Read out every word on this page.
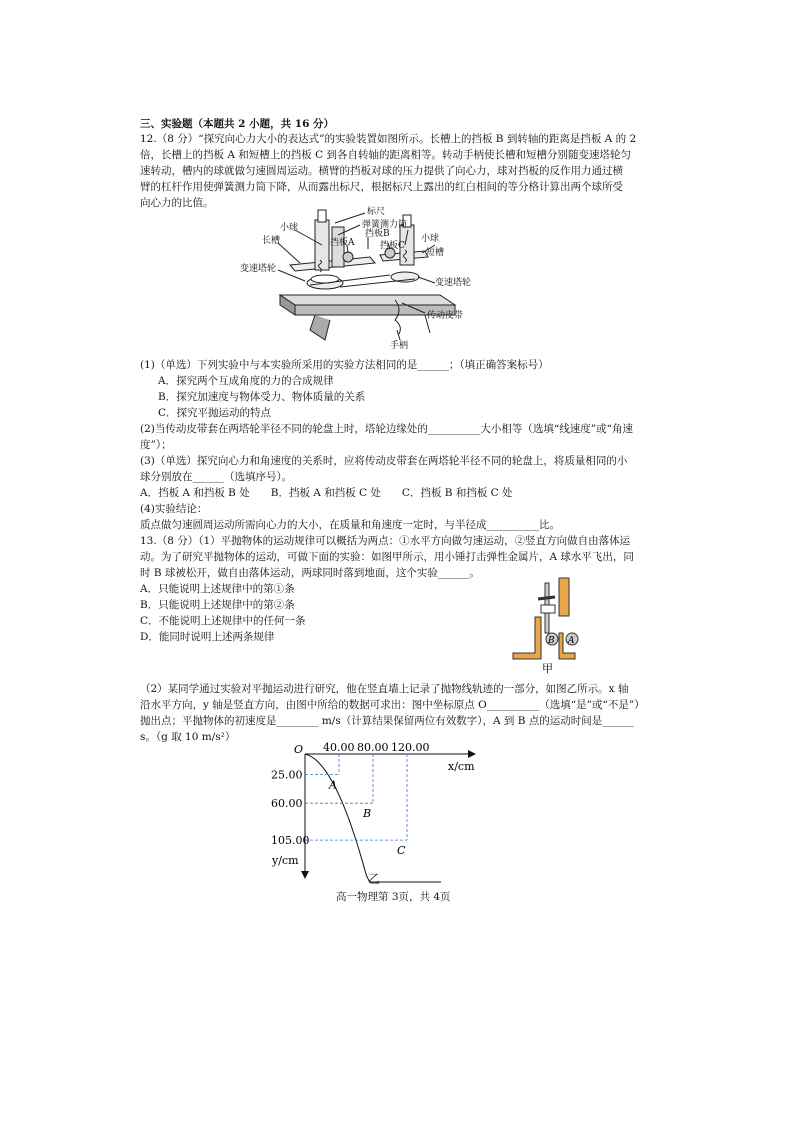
三、实验题（本题共 2 小题，共 16 分）
12.（8 分）“探究向心力大小的表达式”的实验装置如图所示。长槽上的挡板 B 到转轴的距离是挡板 A 的 2
倍，长槽上的挡板 A 和短槽上的挡板 C 到各自转轴的距离相等。转动手柄使长槽和短槽分别随变速塔轮匀
速转动，槽内的球就做匀速圆周运动。横臂的挡板对球的压力提供了向心力，球对挡板的反作用力通过横
臂的杠杆作用使弹簧测力筒下降，从而露出标尺，根据标尺上露出的红白相间的等分格计算出两个球所受
向心力的比值。
标尺
弹簧测力筒
小球
挡板B	小球
长槽	挡板A	挡板C
短槽
变速塔轮
变速塔轮
传动皮带
手柄
(1)（单选）下列实验中与本实验所采用的实验方法相同的是______；（填正确答案标号）
A．探究两个互成角度的力的合成规律
B．探究加速度与物体受力、物体质量的关系
C．探究平抛运动的特点
(2)当传动皮带套在两塔轮半径不同的轮盘上时，塔轮边缘处的__________大小相等（选填“线速度”或“角速
度”）；
(3)（单选）探究向心力和角速度的关系时，应将传动皮带套在两塔轮半径不同的轮盘上，将质量相同的小
球分别放在______（选填序号）。
A．挡板 A 和挡板 B 处　　B．挡板 A 和挡板 C 处　　C．挡板 B 和挡板 C 处
(4)实验结论：
质点做匀速圆周运动所需向心力的大小，在质量和角速度一定时，与半径成__________比。
13.（8 分）（1）平抛物体的运动规律可以概括为两点：①水平方向做匀速运动，②竖直方向做自由落体运
动。为了研究平抛物体的运动，可做下面的实验：如图甲所示，用小锤打击弹性金属片，A 球水平飞出，同
时 B 球被松开，做自由落体运动，两球同时落到地面，这个实验______。
A．只能说明上述规律中的第①条
B．只能说明上述规律中的第②条
C．不能说明上述规律中的任何一条
D．能同时说明上述两条规律	B A
甲
（2）某同学通过实验对平抛运动进行研究，他在竖直墙上记录了抛物线轨迹的一部分，如图乙所示。x 轴
沿水平方向，y 轴是竖直方向，由图中所给的数据可求出：图中坐标原点 O__________（选填“是”或“不是”）
抛出点；平抛物体的初速度是________ m/s（计算结果保留两位有效数字），A 到 B 点的运动时间是______
s。（g 取 10 m/s²）
O
x/cm
y/cm
40.00
25.00
A
80.00
60.00
B
120.00
105.00
C
乙
高一物理第 3页，共 4页
